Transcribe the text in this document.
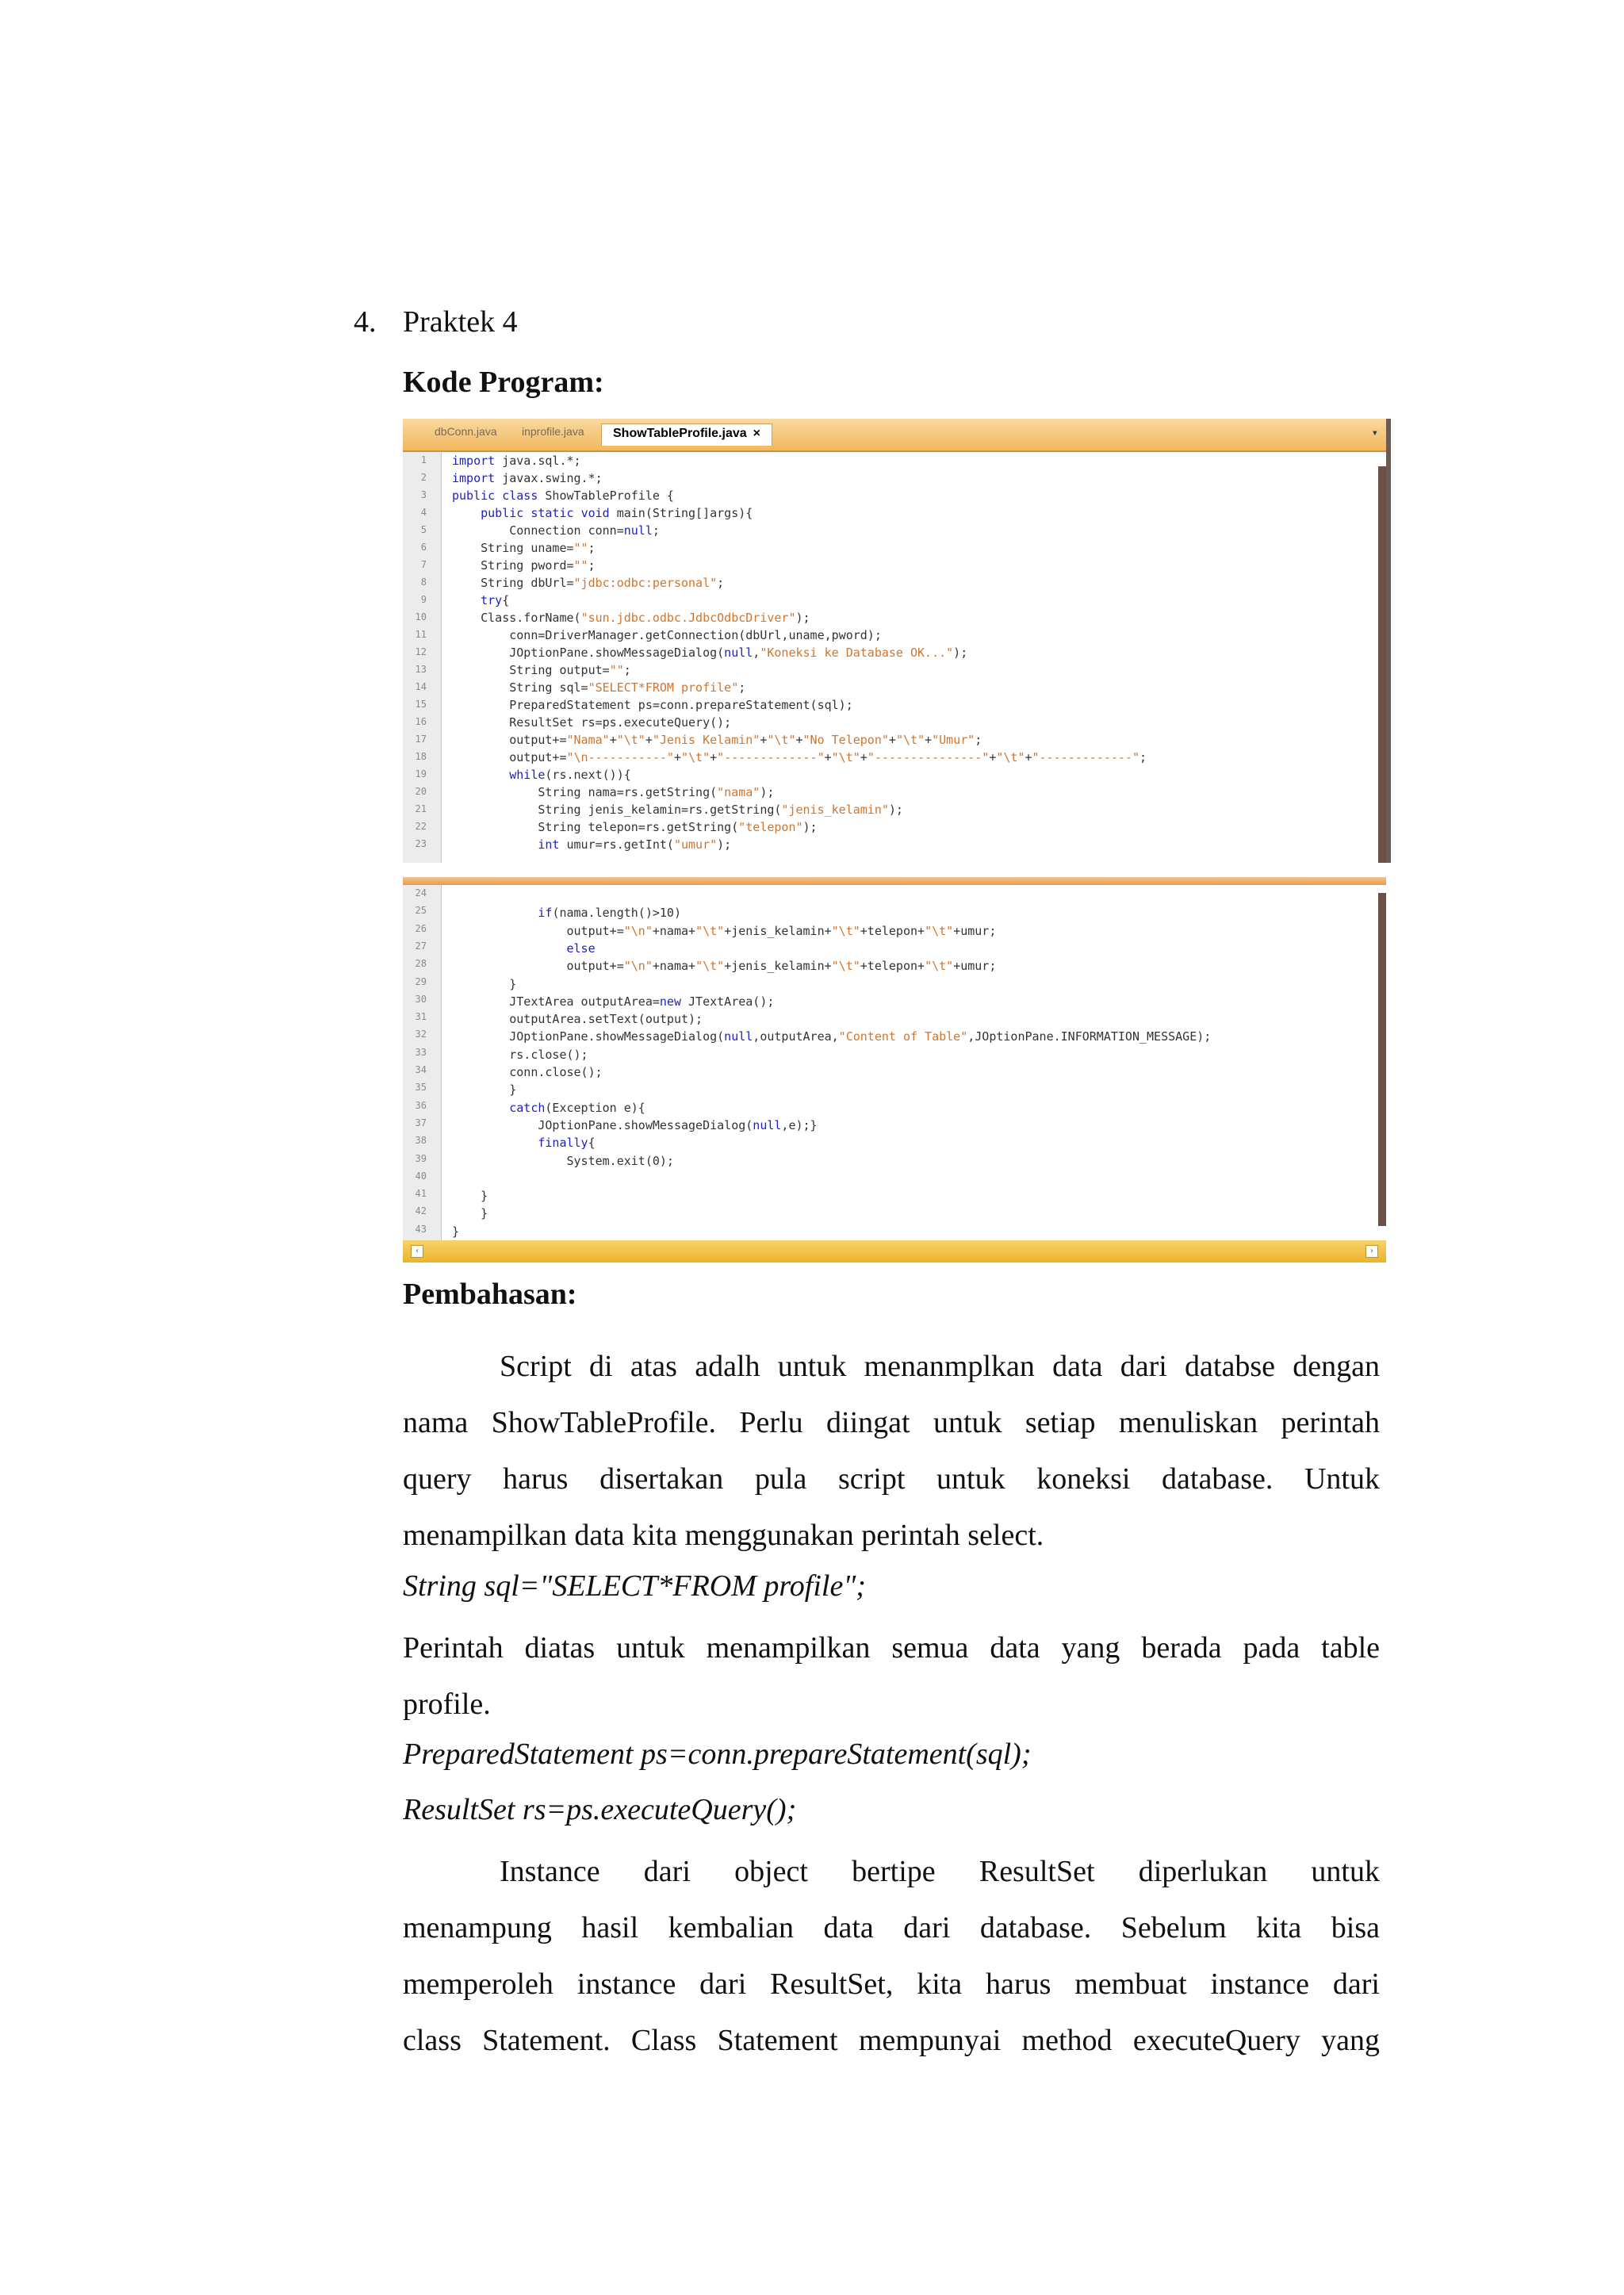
4. Praktek 4
Kode Program:
dbConn.java inprofile.java	ShowTableProfile.java ×	▾
1
2
3
4
5
6
7
8
9
10
11
12
13
14
15
16
17
18
19
20
21
22
23
import java.sql.*;
import javax.swing.*;
public class ShowTableProfile {
public static void main(String[]args){
Connection conn=null;
String uname="";
String pword="";
String dbUrl="jdbc:odbc:personal";
try{
Class.forName("sun.jdbc.odbc.JdbcOdbcDriver");
conn=DriverManager.getConnection(dbUrl,uname,pword);
JOptionPane.showMessageDialog(null,"Koneksi ke Database OK...");
String output="";
String sql="SELECT*FROM profile";
PreparedStatement ps=conn.prepareStatement(sql);
ResultSet rs=ps.executeQuery();
output+="Nama"+"\t"+"Jenis Kelamin"+"\t"+"No Telepon"+"\t"+"Umur";
output+="\n-----------"+"\t"+"-------------"+"\t"+"---------------"+"\t"+"-------------";
while(rs.next()){
String nama=rs.getString("nama");
String jenis_kelamin=rs.getString("jenis_kelamin");
String telepon=rs.getString("telepon");
int umur=rs.getInt("umur");
24
25
26
27
28
29
30
31
32
33
34
35
36
37
38
39
40
41
42
43
if(nama.length()>10)
output+="\n"+nama+"\t"+jenis_kelamin+"\t"+telepon+"\t"+umur;
else
output+="\n"+nama+"\t"+jenis_kelamin+"\t"+telepon+"\t"+umur;
}
JTextArea outputArea=new JTextArea();
outputArea.setText(output);
JOptionPane.showMessageDialog(null,outputArea,"Content of Table",JOptionPane.INFORMATION_MESSAGE);
rs.close();
conn.close();
}
catch(Exception e){
JOptionPane.showMessageDialog(null,e);}
finally{
System.exit(0);
}
}
}
‹	›
Pembahasan:
Script di atas adalh untuk menanmplkan data dari databse dengan
nama ShowTableProfile. Perlu diingat untuk setiap menuliskan perintah
query harus disertakan pula script untuk koneksi database. Untuk
menampilkan data kita menggunakan perintah select.
String sql="SELECT*FROM profile";
Perintah diatas untuk menampilkan semua data yang berada pada table
profile.
PreparedStatement ps=conn.prepareStatement(sql);
ResultSet rs=ps.executeQuery();
Instance dari object bertipe ResultSet diperlukan untuk
menampung hasil kembalian data dari database. Sebelum kita bisa
memperoleh instance dari ResultSet, kita harus membuat instance dari
class Statement. Class Statement mempunyai method executeQuery yang
